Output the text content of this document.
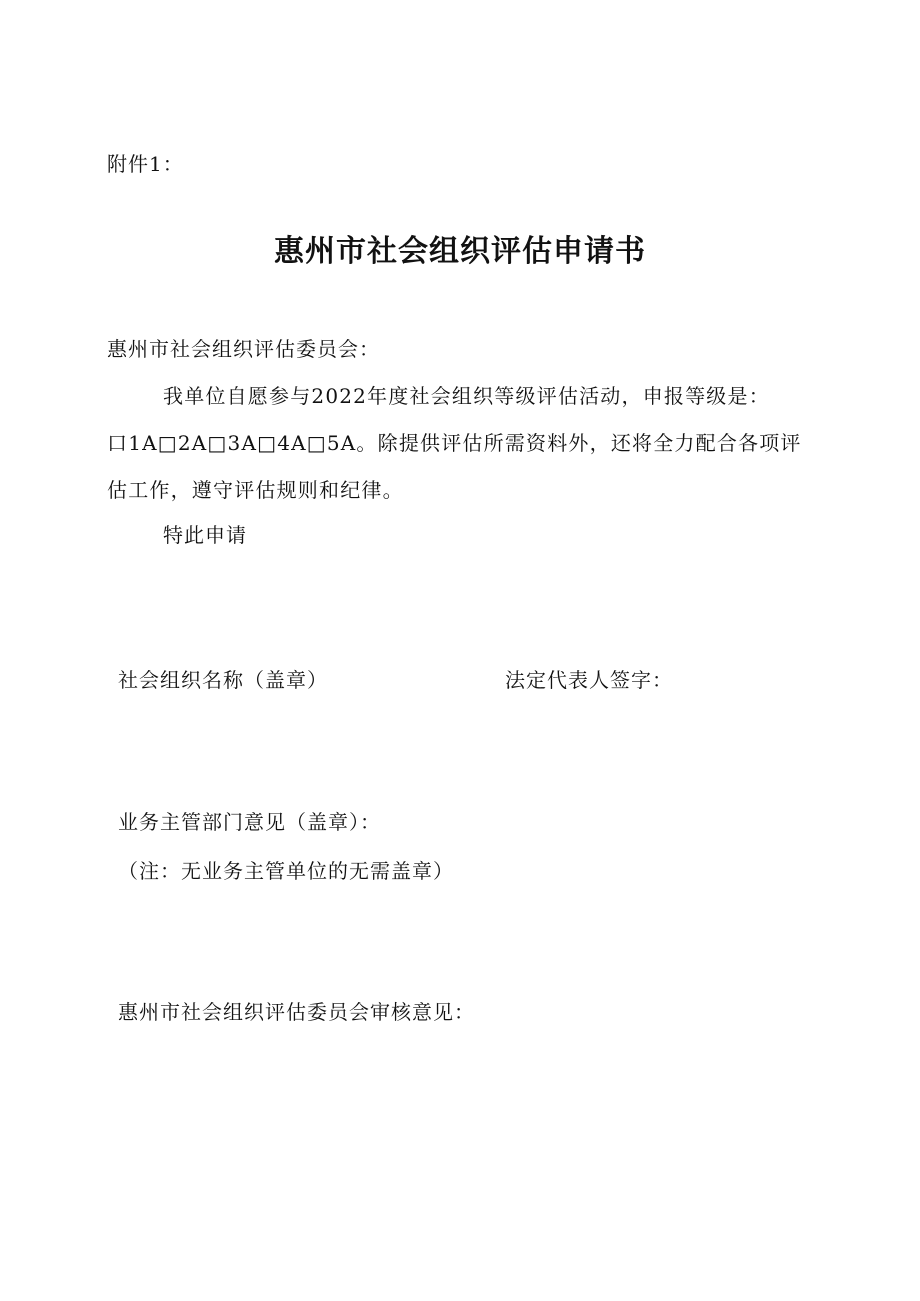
附件1：
惠州市社会组织评估申请书
惠州市社会组织评估委员会：
我单位自愿参与2022年度社会组织等级评估活动，申报等级是：
口1A□2A□3A□4A□5A。除提供评估所需资料外，还将全力配合各项评
估工作，遵守评估规则和纪律。
特此申请
社会组织名称（盖章）	法定代表人签字：
业务主管部门意见（盖章）：
（注：无业务主管单位的无需盖章）
惠州市社会组织评估委员会审核意见：
